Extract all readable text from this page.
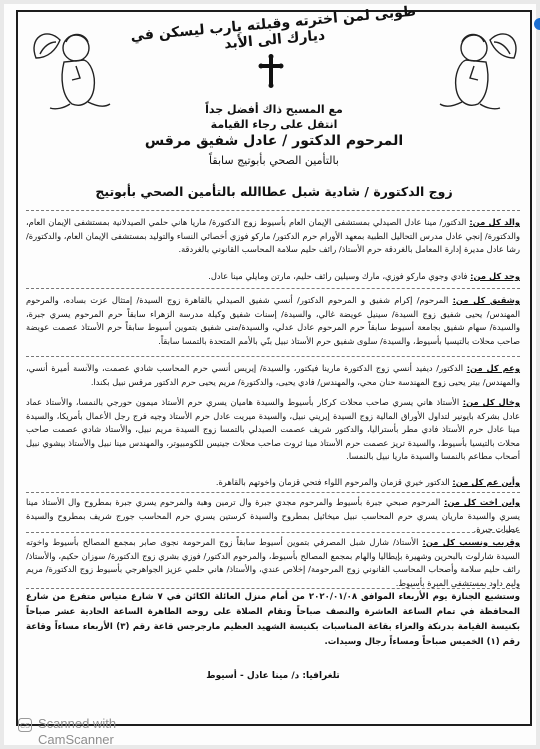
طوبى لمن اخترته وقبلته يارب ليسكن في ديارك الى الأبد
مع المسيح ذاك أفضل جداً
انتقل على رجاء القيامة
المرحوم الدكتور / عادل شفيق مرقس
بالتأمين الصحي بأبوتيج سابقاً
زوج الدكتورة / شادية شبل عطاالله بالتأمين الصحي بأبوتيج
والد كل من: الدكتور/ مينا عادل الصيدلي بمستشفى الإيمان العام بأسيوط زوج الدكتورة/ ماريا هاني حلمي الصيدلانية بمستشفى الإيمان العام، والدكتورة/ إنجي عادل مدرس التحاليل الطبية بمعهد الأورام حرم الدكتور/ ماركو فوزي أخصائي النساء والتوليد بمستشفى الإيمان العام، والدكتورة/ رشا عادل مديرة إدارة المعامل بالغردقة حرم الأستاذ/ رائف حليم سلامة المحاسب القانوني بالغردقة.
وجد كل من: فادي وجوي ماركو فوزي، مارك وسيلين رائف حليم، مارتن ومايلي مينا عادل.
وشقيق كل من: المرحوم/ إكرام شفيق و المرحوم الدكتور/ أنسي شفيق الصيدلي بالقاهرة زوج السيدة/ إمتثال عزت بساده، والمرحوم المهندس/ يحيى شفيق زوج السيدة/ سينيل عويضة غالي، والسيدة/ إسنات شفيق وكيلة مدرسة الزهراء سابقاً حرم المرحوم يسري جبرة، والسيدة/ سهام شفيق بجامعة أسيوط سابقاً حرم المرحوم عادل عدلي، والسيدة/منى شفيق بتموين أسيوط سابقاً حرم الأستاذ عصمت عويضة صاحب محلات بالتيسيا بأسيوط، والسيدة/ سلوى شفيق حرم الأستاذ نبيل بنّي بالأمم المتحدة بالتمسا سابقاً.
وعم كل من: الدكتور/ ديفيد أنسي زوج الدكتورة مارينا فيكتور، والسيدة/ إيريس أنسي حرم المحاسب شادي عصمت، والآنسة أميرة أنسي، والمهندس/ بيتر يحيى زوج المهندسة حنان محي، والمهندس/ فادي يحيى، والدكتورة/ مريم يحيى حرم الدكتور مرقس نبيل بكندا.
وخال كل من: الأستاذ هاني يسري صاحب محلات كركار بأسيوط والسيدة هاميان يسري حرم الأستاذ ميمون حورجي بالنمسا، والأستاذ عماد عادل بشركة بايونير لتداول الأوراق المالية زوج السيدة إيريني نبيل، والسيدة ميريت عادل حرم الأستاذ وجيه فرج رجل الأعمال بأمريكا، والسيدة مينا عادل حرم الأستاذ فادي مطر بأستراليا، والدكتور شريف عصمت الصيدلي بالتمسا زوج السيدة مريم نبيل، والأستاذ شادي عصمت صاحب محلات بالتيسيا بأسيوط، والسيدة تريز عصمت حرم الأستاذ مينا ثروت صاحب محلات جينيس للكومبيوتر، والمهندس مينا نبيل والأستاذ بيشوي نبيل أصحاب مطاعم بالنمسا والسيدة ماريا نبيل بالنمسا.
وأبن عم كل من: الدكتور خيري قزمان والمرحوم اللواء فتحي قزمان واخوتهم بالقاهرة.
وابن اخت كل من: المرحوم صبحي جبرة بأسيوط والمرحوم مجدي جبرة وال ترمين وهبة والمرحوم يسري جبرة بمطروح وال الأستاذ مينا يسري والسيدة ماريان يسري حرم المحاسب نبيل ميخائيل بمطروح والسيدة كرستين يسري حرم المحاسب جورج شريف بمطروح والسيدة عطيات جبرة.
وقريب ونسيب كل من: الأستاذ/ شارل شبل المصرفي بتموين أسيوط سابقاً زوج المرحومة نجوى صابر بمجمع المصالح بأسيوط واخوته السيدة شارلوت بالبحرين وشهيرة بإيطاليا والهام بمجمع المصالح بأسيوط، والمرحوم الدكتور/ فوزي بشري زوج الدكتورة/ سوزان حكيم، والأستاذ/ رائف حليم سلامة وأصحاب المحاسب القانوني زوج المرحومة/ إخلاص عندي، والأستاذ/ هاني حلمي عزيز الجواهرجي بأسيوط زوج الدكتورة/ مريم وليم داود بمستشفى المبرة بأسيوط.
وستشيع الجنازة يوم الأربعاء الموافق ٢٠٢٠/٠١/٠٨ من أمام منزل العائلة الكائن في ٧ شارع متياس متفرع من شارع المحافظة في تمام الساعة العاشرة والنصف صباحاً وتقام الصلاة على روحه الطاهرة الساعة الحادية عشر صباحاً بكنيسة القيامة بدرنكة والعزاء بقاعة المناسبات بكنيسة الشهيد العظيم مارجرجس قاعة رقم (٣) الأربعاء مساءاً وقاعة رقم (١) الخميس صباحاً ومساءاً رجال وسيدات.
تلغرافيا: د/ مينا عادل - أسيوط
CS Scanned with
CamScanner
